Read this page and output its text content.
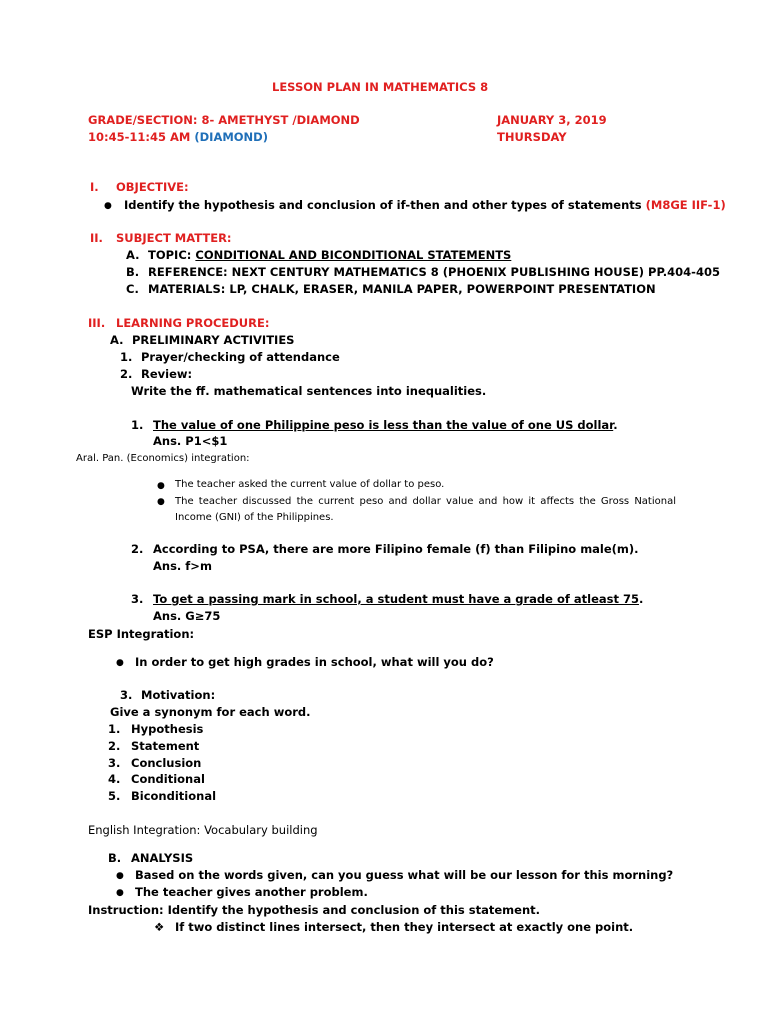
LESSON PLAN IN MATHEMATICS 8
GRADE/SECTION: 8- AMETHYST /DIAMOND
10:45-11:45 AM (DIAMOND)
JANUARY 3, 2019
THURSDAY
I. OBJECTIVE:
● Identify the hypothesis and conclusion of if-then and other types of statements (M8GE IIF-1)
II. SUBJECT MATTER:
A. TOPIC: CONDITIONAL AND BICONDITIONAL STATEMENTS
B. REFERENCE: NEXT CENTURY MATHEMATICS 8 (PHOENIX PUBLISHING HOUSE) PP.404-405
C. MATERIALS: LP, CHALK, ERASER, MANILA PAPER, POWERPOINT PRESENTATION
III. LEARNING PROCEDURE:
A. PRELIMINARY ACTIVITIES
1. Prayer/checking of attendance
2. Review:
Write the ff. mathematical sentences into inequalities.
1. The value of one Philippine peso is less than the value of one US dollar.
Ans. P1<$1
Aral. Pan. (Economics) integration:
● The teacher asked the current value of dollar to peso.
● The teacher discussed the current peso and dollar value and how it affects the Gross National Income (GNI) of the Philippines.
2. According to PSA, there are more Filipino female (f) than Filipino male(m).
Ans. f>m
3. To get a passing mark in school, a student must have a grade of atleast 75.
Ans. G≥75
ESP Integration:
● In order to get high grades in school, what will you do?
3. Motivation:
Give a synonym for each word.
1. Hypothesis
2. Statement
3. Conclusion
4. Conditional
5. Biconditional
English Integration: Vocabulary building
B. ANALYSIS
● Based on the words given, can you guess what will be our lesson for this morning?
● The teacher gives another problem.
Instruction: Identify the hypothesis and conclusion of this statement.
❖ If two distinct lines intersect, then they intersect at exactly one point.
